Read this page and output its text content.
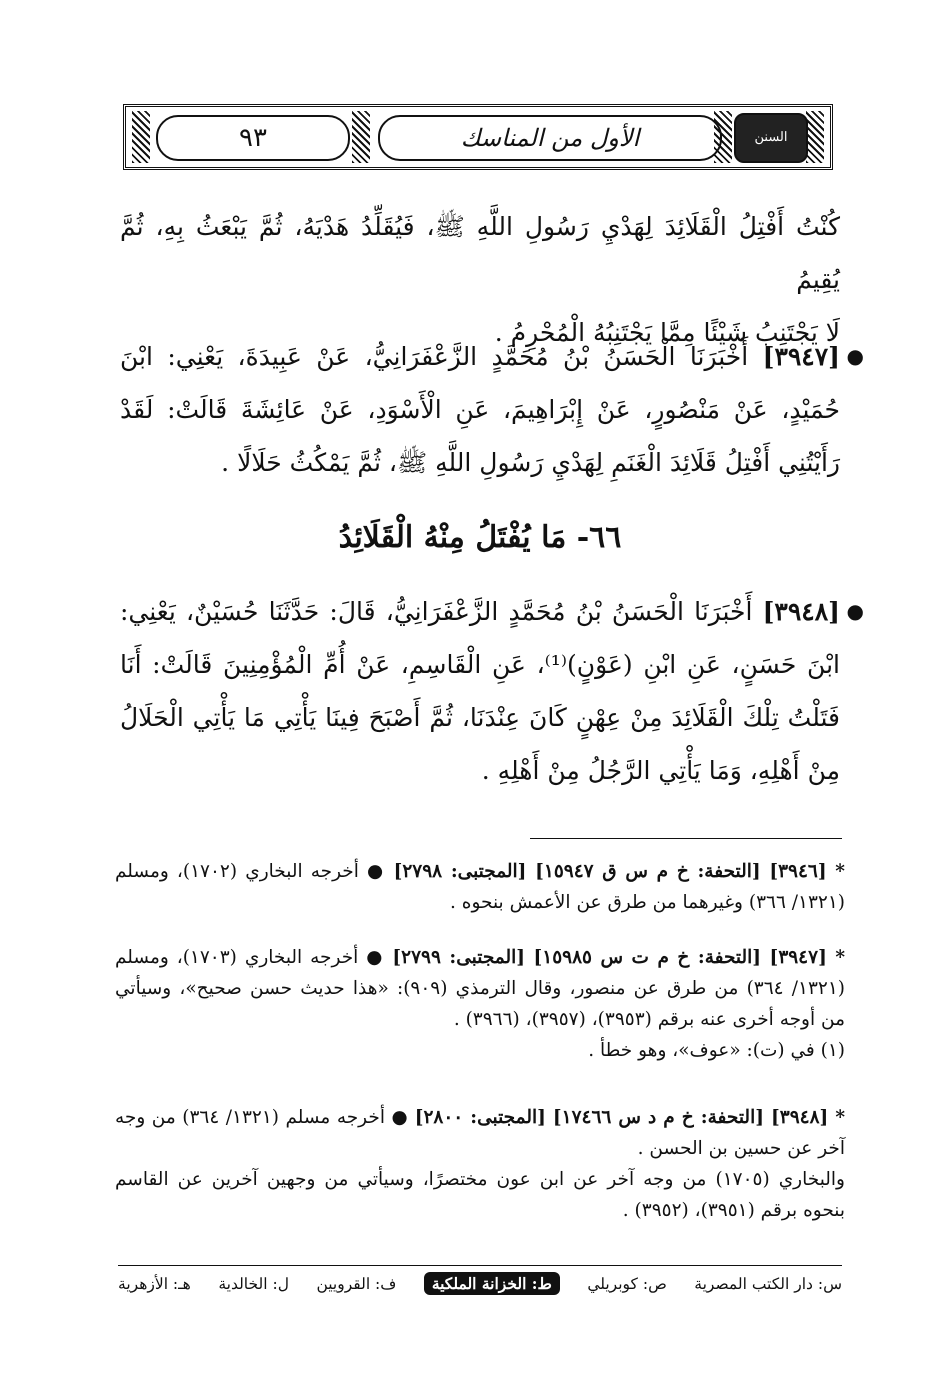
٩٣	الأول من المناسك	السنن الكبرى
كُنْتُ أَفْتِلُ الْقَلَائِدَ لِهَدْيِ رَسُولِ اللَّهِ ﷺ، فَيُقَلِّدُ هَدْيَهُ، ثُمَّ يَبْعَثُ بِهِ، ثُمَّ يُقِيمُ
لَا يَجْتَنِبُ شَيْئًا مِمَّا يَجْتَنِبُهُ الْمُحْرِمُ .
●
[٣٩٤٧] أَخْبَرَنَا الْحَسَنُ بْنُ مُحَمَّدٍ الزَّعْفَرَانِيُّ، عَنْ عَبِيدَةَ، يَعْنِي: ابْنَ حُمَيْدٍ، عَنْ مَنْصُورٍ، عَنْ إِبْرَاهِيمَ، عَنِ الْأَسْوَدِ، عَنْ عَائِشَةَ قَالَتْ: لَقَدْ رَأَيْتُنِي أَفْتِلُ قَلَائِدَ الْغَنَمِ لِهَدْيِ رَسُولِ اللَّهِ ﷺ، ثُمَّ يَمْكُثُ حَلَالًا .
٦٦- مَا يُفْتَلُ مِنْهُ الْقَلَائِدُ
●
[٣٩٤٨] أَخْبَرَنَا الْحَسَنُ بْنُ مُحَمَّدٍ الزَّعْفَرَانِيُّ، قَالَ: حَدَّثَنَا حُسَيْنٌ، يَعْنِي: ابْنَ حَسَنٍ، عَنِ ابْنِ (عَوْنٍ)⁽¹⁾، عَنِ الْقَاسِمِ، عَنْ أُمِّ الْمُؤْمِنِينَ قَالَتْ: أَنَا فَتَلْتُ تِلْكَ الْقَلَائِدَ مِنْ عِهْنٍ كَانَ عِنْدَنَا، ثُمَّ أَصْبَحَ فِينَا يَأْتِي مَا يَأْتِي الْحَلَالُ مِنْ أَهْلِهِ، وَمَا يَأْتِي الرَّجُلُ مِنْ أَهْلِهِ .
* [٣٩٤٦] [التحفة: خ م س ق ١٥٩٤٧] [المجتبى: ٢٧٩٨] ● أخرجه البخاري (١٧٠٢)، ومسلم (١٣٢١/ ٣٦٦) وغيرهما من طرق عن الأعمش بنحوه .
* [٣٩٤٧] [التحفة: خ م ت س ١٥٩٨٥] [المجتبى: ٢٧٩٩] ● أخرجه البخاري (١٧٠٣)، ومسلم (١٣٢١/ ٣٦٤) من طرق عن منصور، وقال الترمذي (٩٠٩): «هذا حديث حسن صحيح»، وسيأتي من أوجه أخرى عنه برقم (٣٩٥٣)، (٣٩٥٧)، (٣٩٦٦) .
(١) في (ت): «عوف»، وهو خطأ .
* [٣٩٤٨] [التحفة: خ م د س ١٧٤٦٦] [المجتبى: ٢٨٠٠] ● أخرجه مسلم (١٣٢١/ ٣٦٤) من وجه آخر عن حسين بن الحسن .
والبخاري (١٧٠٥) من وجه آخر عن ابن عون مختصرًا، وسيأتي من وجهين آخرين عن القاسم بنحوه برقم (٣٩٥١)، (٣٩٥٢) .
س: دار الكتب المصرية
ص: كوبريلي
ط: الخزانة الملكية
ف: القرويين
ل: الخالدية
هـ: الأزهرية
